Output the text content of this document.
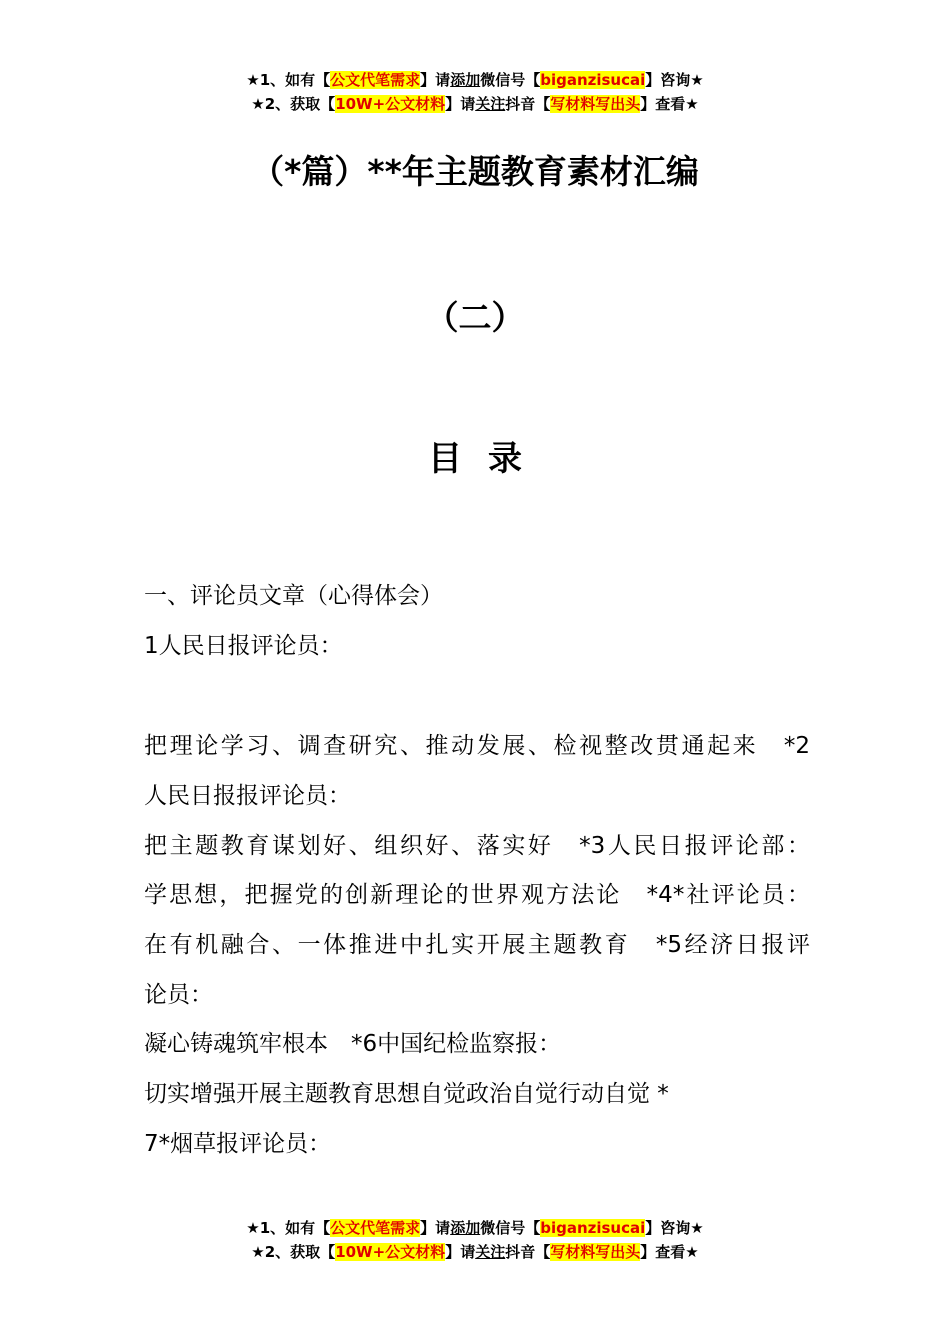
★1、如有【公文代笔需求】请添加微信号【biganzisucai】咨询★
★2、获取【10W+公文材料】请关注抖音【写材料写出头】查看★
（*篇）**年主题教育素材汇编
（二）
目录
一、评论员文章（心得体会）
1人民日报评论员：
把理论学习、调查研究、推动发展、检视整改贯通起来　*2
人民日报报评论员：
把主题教育谋划好、组织好、落实好　*3人民日报评论部：
学思想，把握党的创新理论的世界观方法论　*4*社评论员：
在有机融合、一体推进中扎实开展主题教育　*5经济日报评
论员：
凝心铸魂筑牢根本　*6中国纪检监察报：
切实增强开展主题教育思想自觉政治自觉行动自觉 *
7*烟草报评论员：
★1、如有【公文代笔需求】请添加微信号【biganzisucai】咨询★
★2、获取【10W+公文材料】请关注抖音【写材料写出头】查看★
